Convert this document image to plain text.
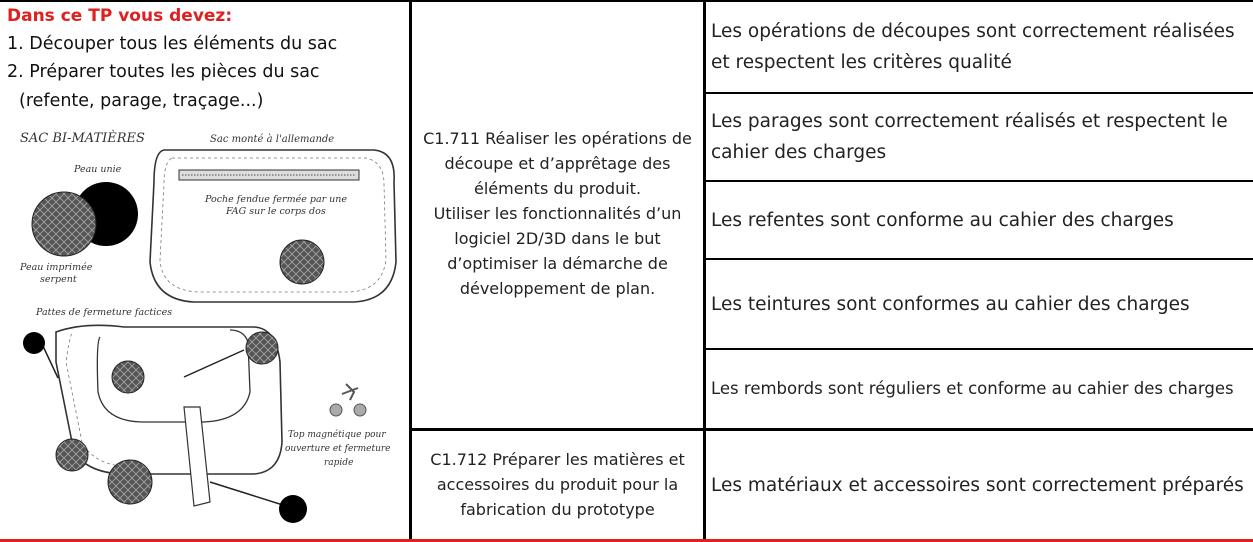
Dans ce TP vous devez:
1. Découper tous les éléments du sac
2. Préparer toutes les pièces du sac
(refente, parage, traçage...)
SAC BI-MATIÈRES	Sac monté à l'allemande
Poche fendue fermée par une
FAG sur le corps dos
Peau unie
Peau imprimée
serpent
Pattes de fermeture factices
Top magnétique pour
ouverture et fermeture
rapide
C1.711 Réaliser les opérations de
découpe et d’apprêtage des
éléments du produit.
Utiliser les fonctionnalités d’un
logiciel 2D/3D dans le but
d’optimiser la démarche de
développement de plan.
C1.712 Préparer les matières et
accessoires du produit pour la
fabrication du prototype
Les opérations de découpes sont correctement réalisées et respectent les critères qualité
Les parages sont correctement réalisés et respectent le cahier des charges
Les refentes sont conforme au cahier des charges
Les teintures sont conformes au cahier des charges
Les rembords sont réguliers et conforme au cahier des charges
Les matériaux et accessoires sont correctement préparés
